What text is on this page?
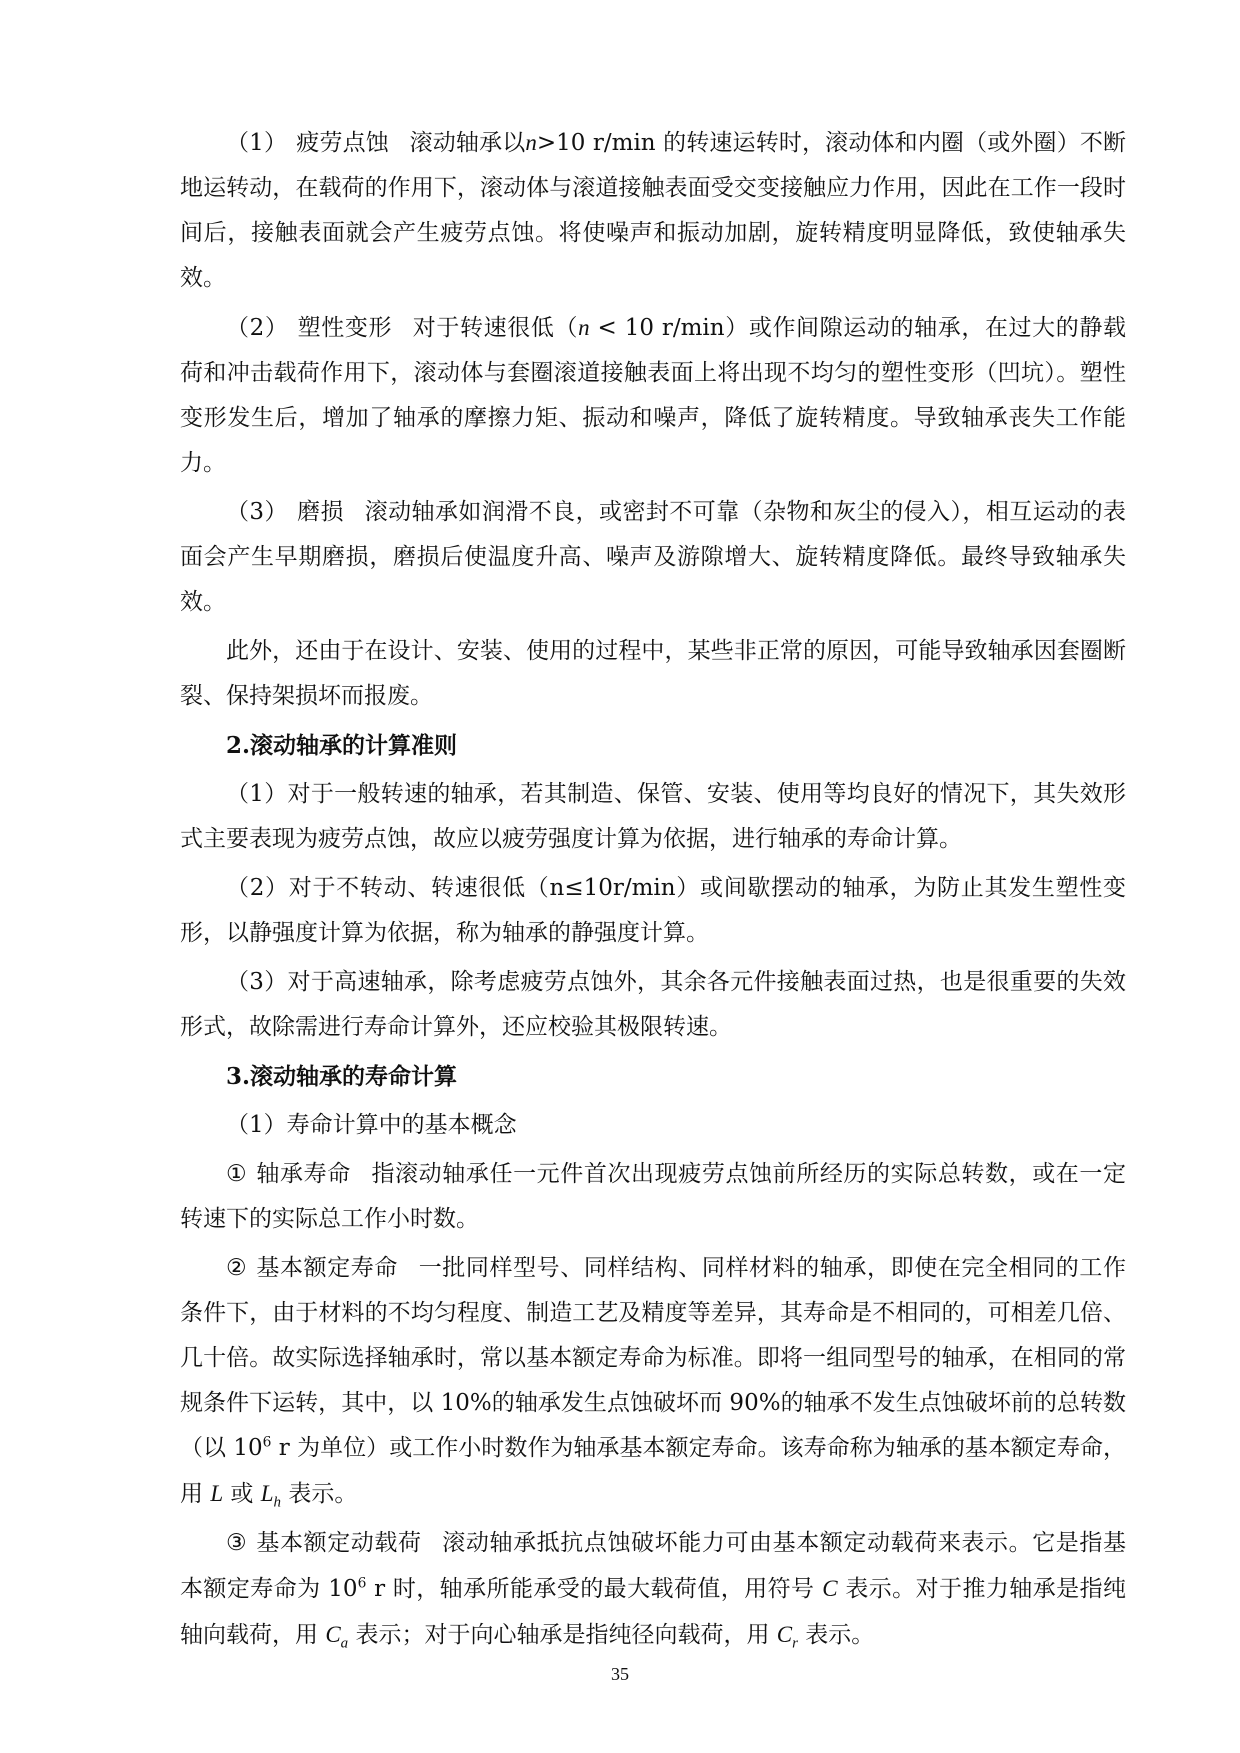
（1） 疲劳点蚀 滚动轴承以n>10 r/min 的转速运转时，滚动体和内圈（或外圈）不断地运转动，在载荷的作用下，滚动体与滚道接触表面受交变接触应力作用，因此在工作一段时间后，接触表面就会产生疲劳点蚀。将使噪声和振动加剧，旋转精度明显降低，致使轴承失效。

（2） 塑性变形 对于转速很低（n < 10 r/min）或作间隙运动的轴承，在过大的静载荷和冲击载荷作用下，滚动体与套圈滚道接触表面上将出现不均匀的塑性变形（凹坑）。塑性变形发生后，增加了轴承的摩擦力矩、振动和噪声，降低了旋转精度。导致轴承丧失工作能力。

（3） 磨损 滚动轴承如润滑不良，或密封不可靠（杂物和灰尘的侵入），相互运动的表面会产生早期磨损，磨损后使温度升高、噪声及游隙增大、旋转精度降低。最终导致轴承失效。

此外，还由于在设计、安装、使用的过程中，某些非正常的原因，可能导致轴承因套圈断裂、保持架损坏而报废。

2.滚动轴承的计算准则

（1）对于一般转速的轴承，若其制造、保管、安装、使用等均良好的情况下，其失效形式主要表现为疲劳点蚀，故应以疲劳强度计算为依据，进行轴承的寿命计算。

（2）对于不转动、转速很低（n≤10r/min）或间歇摆动的轴承，为防止其发生塑性变形，以静强度计算为依据，称为轴承的静强度计算。

（3）对于高速轴承，除考虑疲劳点蚀外，其余各元件接触表面过热，也是很重要的失效形式，故除需进行寿命计算外，还应校验其极限转速。

3.滚动轴承的寿命计算

（1）寿命计算中的基本概念

① 轴承寿命 指滚动轴承任一元件首次出现疲劳点蚀前所经历的实际总转数，或在一定转速下的实际总工作小时数。

② 基本额定寿命 一批同样型号、同样结构、同样材料的轴承，即使在完全相同的工作条件下，由于材料的不均匀程度、制造工艺及精度等差异，其寿命是不相同的，可相差几倍、几十倍。故实际选择轴承时，常以基本额定寿命为标准。即将一组同型号的轴承，在相同的常规条件下运转，其中，以 10%的轴承发生点蚀破坏而 90%的轴承不发生点蚀破坏前的总转数（以 $10^6$ r 为单位）或工作小时数作为轴承基本额定寿命。该寿命称为轴承的基本额定寿命，用 L 或 $L_h$ 表示。

③ 基本额定动载荷 滚动轴承抵抗点蚀破坏能力可由基本额定动载荷来表示。它是指基本额定寿命为 $10^6$ r 时，轴承所能承受的最大载荷值，用符号 C 表示。对于推力轴承是指纯轴向载荷，用 $C_a$ 表示；对于向心轴承是指纯径向载荷，用 $C_r$ 表示。

35
